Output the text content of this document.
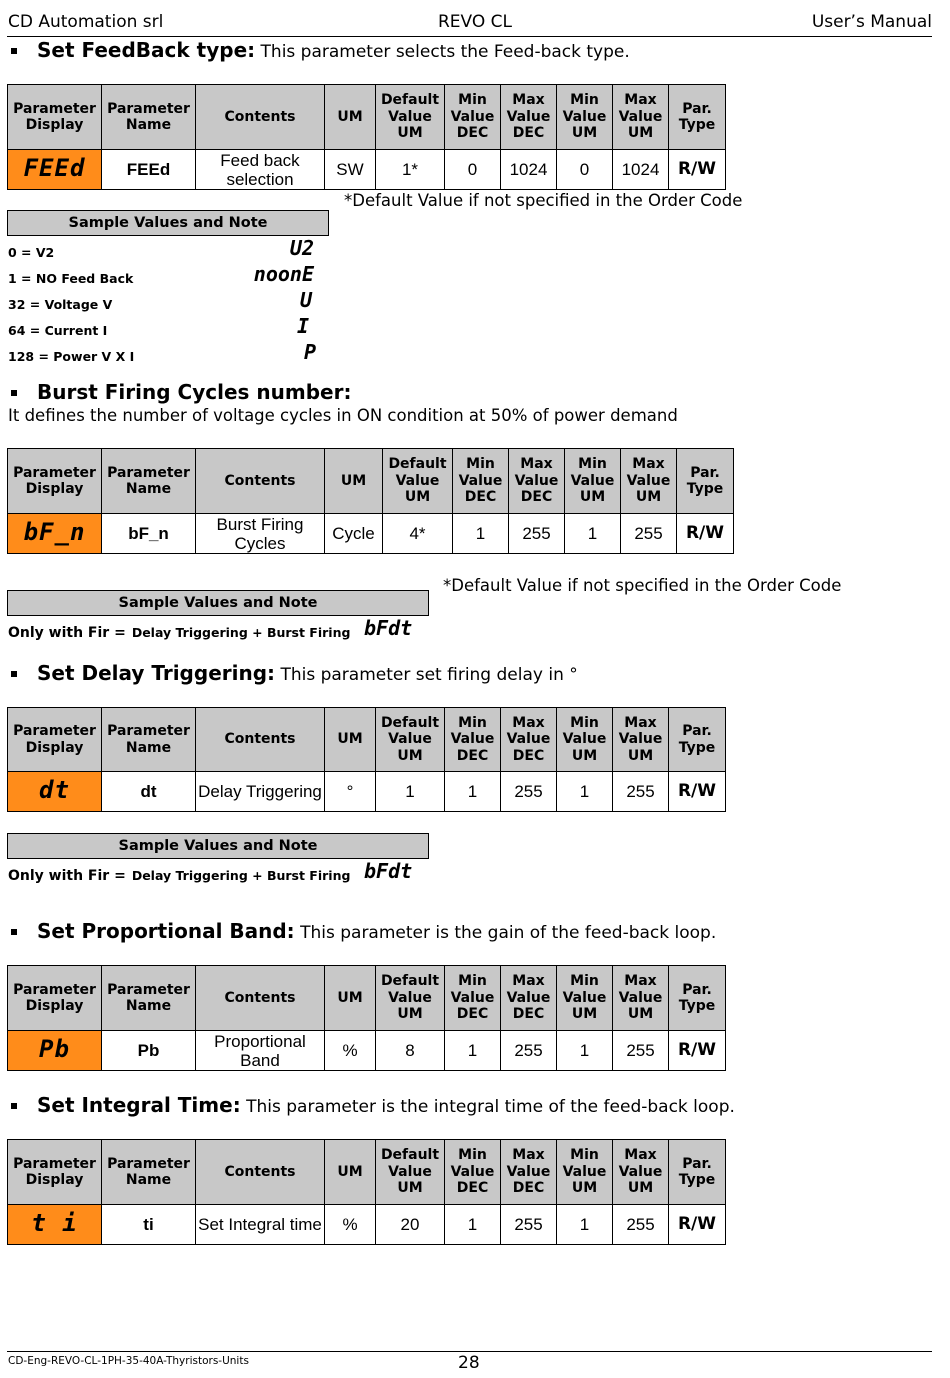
CD Automation srl	REVO CL	User’s Manual
Set FeedBack type: This parameter selects the Feed-back type.
Parameter Display	Parameter Name	Contents	UM	Default Value UM	Min Value DEC	Max Value DEC	Min Value UM	Max Value UM	Par. Type
FEEd	FEEd	Feed back selection	SW	1*	0	1024	0	1024	R/W
*Default Value if not specified in the Order Code
Sample Values and Note
0 = V2	U2
1 = NO Feed Back	noonE
32 = Voltage V	U
64 = Current I	I
128 = Power V X I	P
Burst Firing Cycles number:
It defines the number of voltage cycles in ON condition at 50% of power demand
Parameter Display	Parameter Name	Contents	UM	Default Value UM	Min Value DEC	Max Value DEC	Min Value UM	Max Value UM	Par. Type
bF_n	bF_n	Burst Firing Cycles	Cycle	4*	1	255	1	255	R/W
*Default Value if not specified in the Order Code
Sample Values and Note
Only with Fir = Delay Triggering + Burst Firing bFdt
Set Delay Triggering: This parameter set firing delay in °
Parameter Display	Parameter Name	Contents	UM	Default Value UM	Min Value DEC	Max Value DEC	Min Value UM	Max Value UM	Par. Type
dt	dt	Delay Triggering	°	1	1	255	1	255	R/W
Sample Values and Note
Only with Fir = Delay Triggering + Burst Firing bFdt
Set Proportional Band: This parameter is the gain of the feed-back loop.
Parameter Display	Parameter Name	Contents	UM	Default Value UM	Min Value DEC	Max Value DEC	Min Value UM	Max Value UM	Par. Type
Pb	Pb	Proportional Band	%	8	1	255	1	255	R/W
Set Integral Time: This parameter is the integral time of the feed-back loop.
Parameter Display	Parameter Name	Contents	UM	Default Value UM	Min Value DEC	Max Value DEC	Min Value UM	Max Value UM	Par. Type
t i	ti	Set Integral time	%	20	1	255	1	255	R/W
CD-Eng-REVO-CL-1PH-35-40A-Thyristors-Units	28
